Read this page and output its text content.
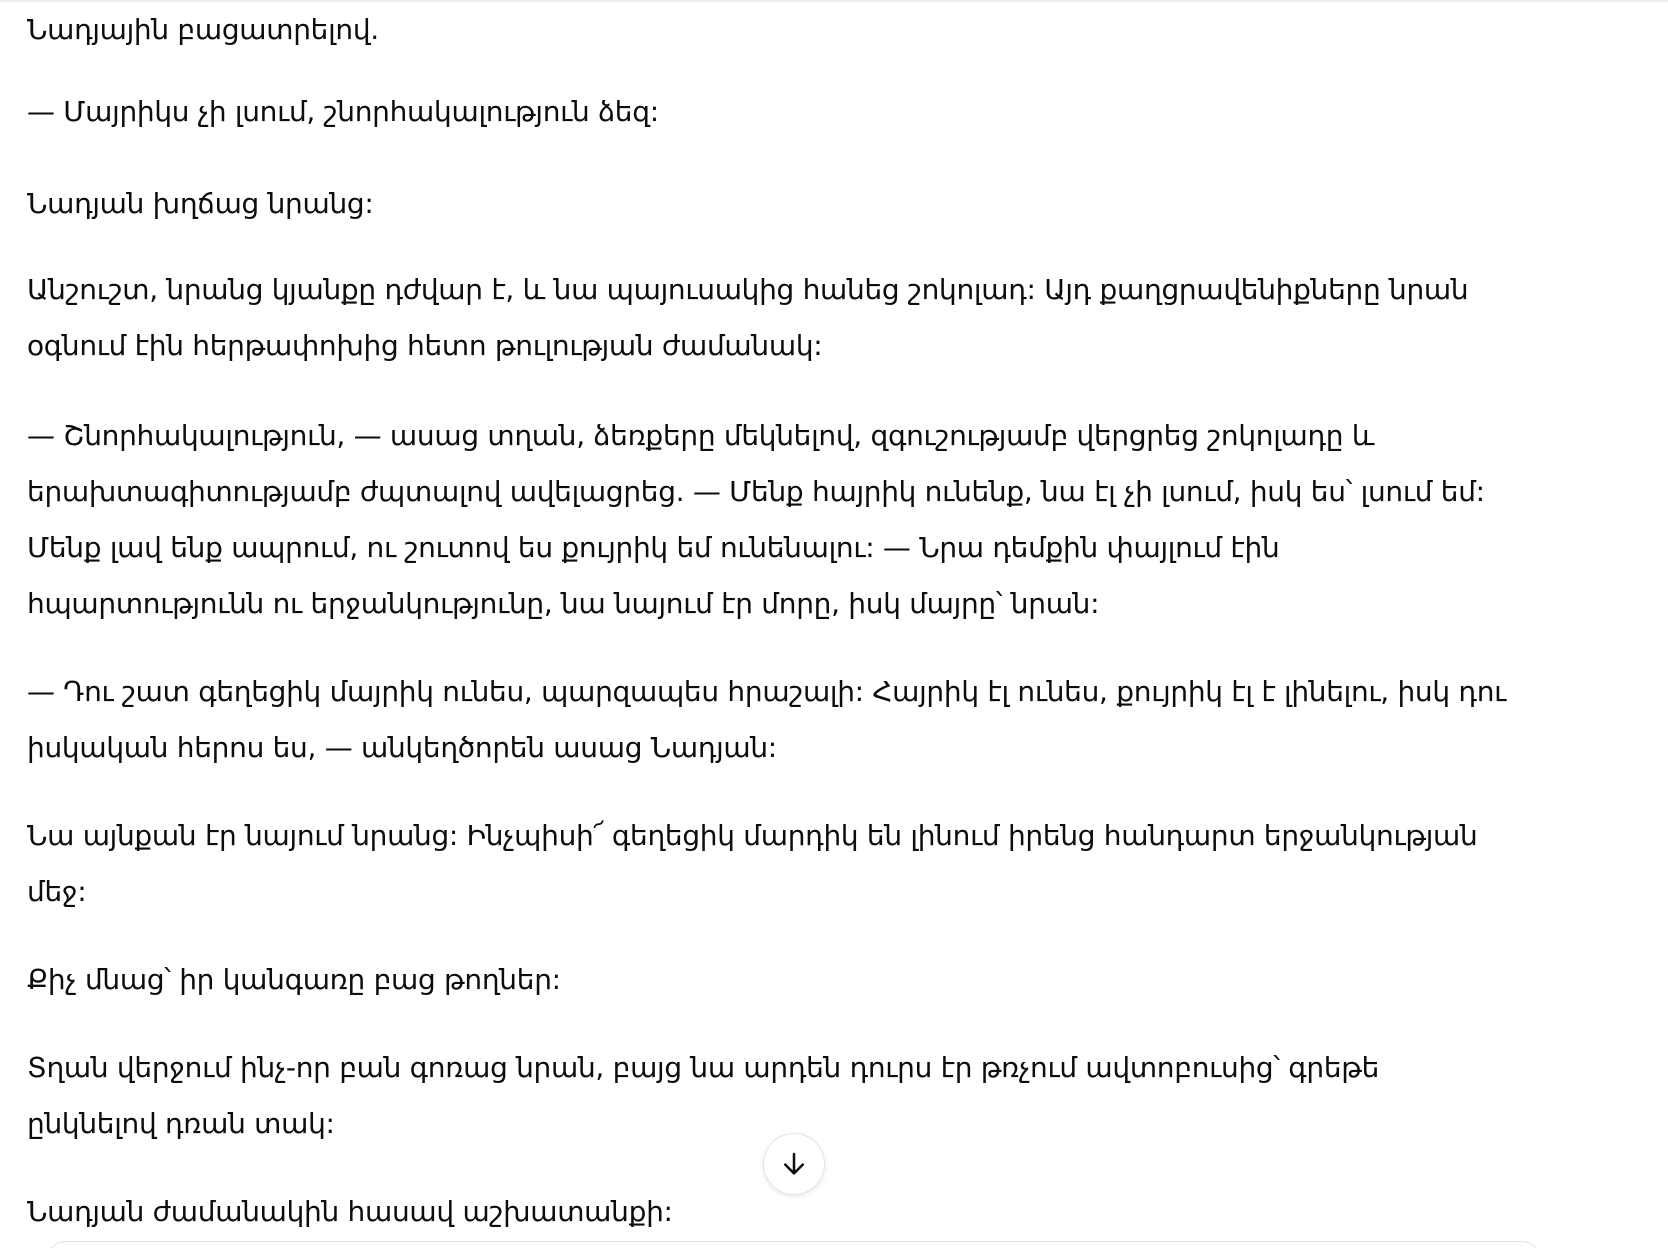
Նադյային բացատրելով.

— Մայրիկս չի լսում, շնորհակալություն ձեզ:

Նադյան խղճաց նրանց:

Անշուշտ, նրանց կյանքը դժվար է, և նա պայուսակից հանեց շոկոլադ: Այդ քաղցրավենիքները նրան

օգնում էին հերթափոխից հետո թուլության ժամանակ:

— Շնորհակալություն, — ասաց տղան, ձեռքերը մեկնելով, զգուշությամբ վերցրեց շոկոլադը և

երախտագիտությամբ ժպտալով ավելացրեց. — Մենք հայրիկ ունենք, նա էլ չի լսում, իսկ ես՝ լսում եմ:

Մենք լավ ենք ապրում, ու շուտով ես քույրիկ եմ ունենալու: — Նրա դեմքին փայլում էին

հպարտությունն ու երջանկությունը, նա նայում էր մորը, իսկ մայրը՝ նրան:

— Դու շատ գեղեցիկ մայրիկ ունես, պարզապես հրաշալի: Հայրիկ էլ ունես, քույրիկ էլ է լինելու, իսկ դու

իսկական հերոս ես, — անկեղծորեն ասաց Նադյան:

Նա այնքան էր նայում նրանց: Ինչպիսի՜ գեղեցիկ մարդիկ են լինում իրենց հանդարտ երջանկության

մեջ:

Քիչ մնաց՝ իր կանգառը բաց թողներ:

Տղան վերջում ինչ-որ բան գոռաց նրան, բայց նա արդեն դուրս էր թռչում ավտոբուսից՝ գրեթե

ընկնելով դռան տակ:

Նադյան ժամանակին հասավ աշխատանքի:
